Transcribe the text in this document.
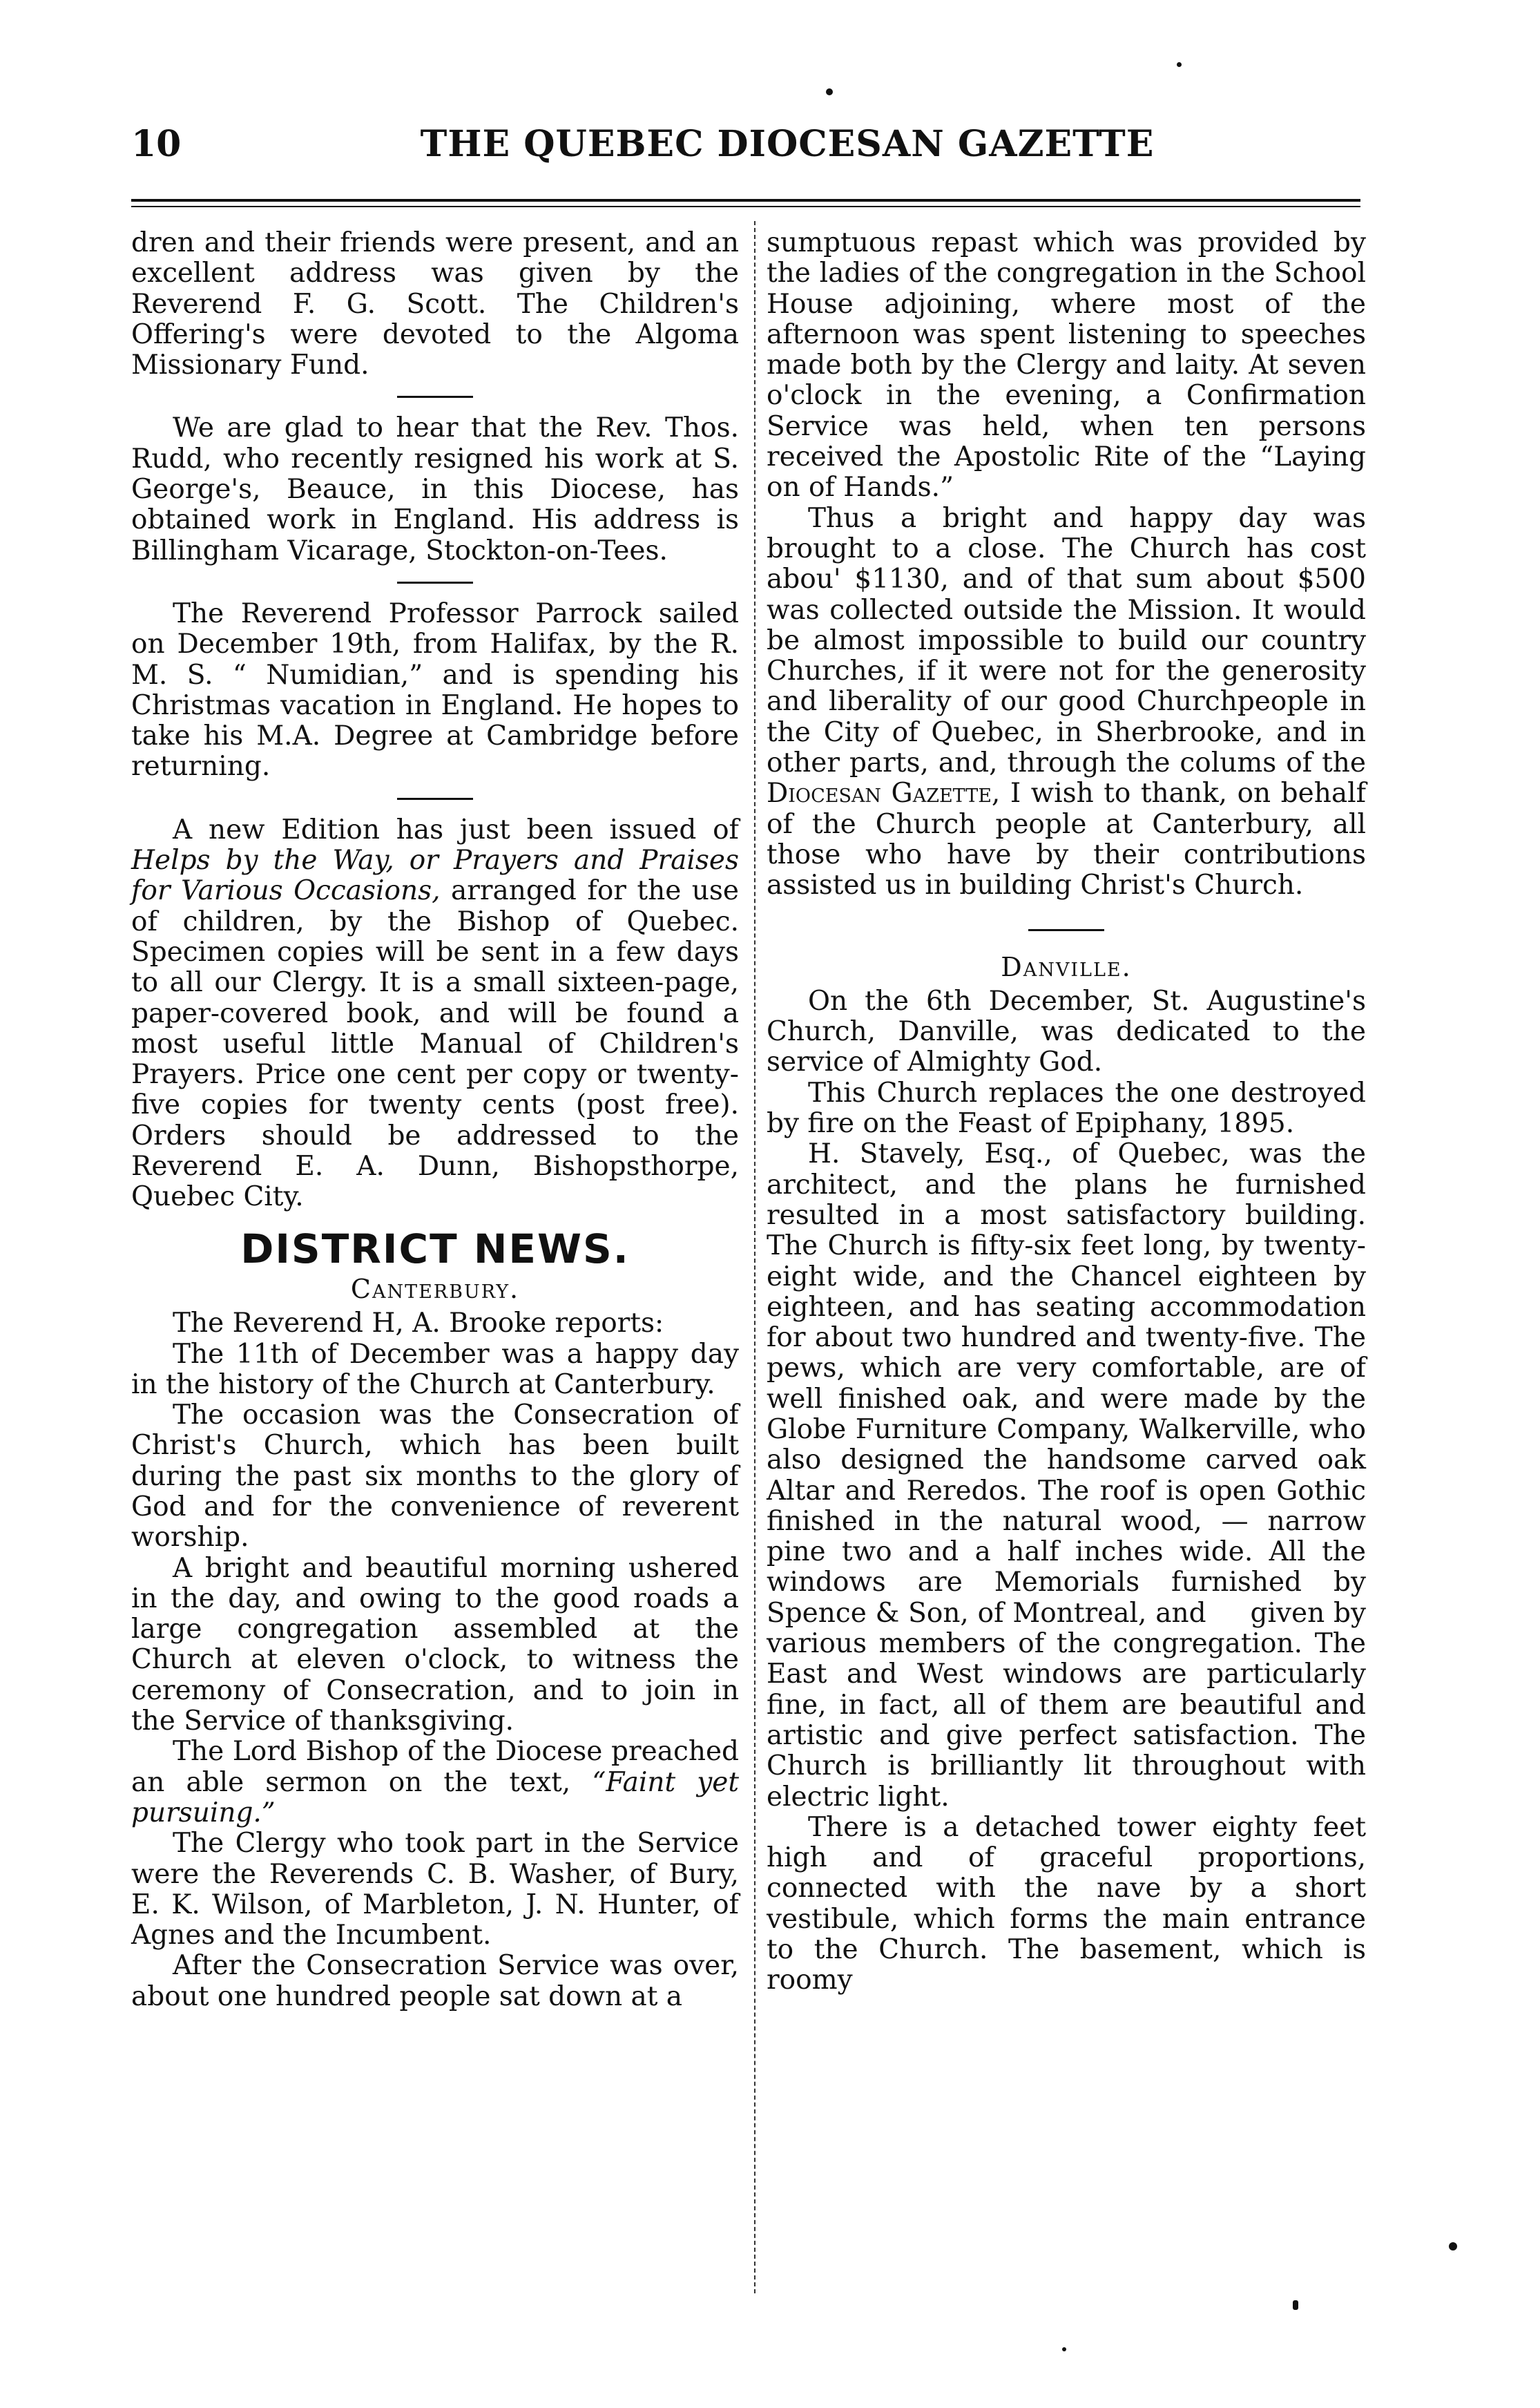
10	THE QUEBEC DIOCESAN GAZETTE

dren and their friends were present, and an excellent address was given by the Reverend F. G. Scott. The Children's Offering's were devoted to the Algoma Missionary Fund.

We are glad to hear that the Rev. Thos. Rudd, who recently resigned his work at S. George's, Beauce, in this Diocese, has obtained work in England. His address is Billingham Vicarage, Stockton-on-Tees.

The Reverend Professor Parrock sailed on December 19th, from Halifax, by the R. M. S. “ Numidian,” and is spending his Christmas vacation in England. He hopes to take his M.A. Degree at Cambridge before returning.

A new Edition has just been issued of Helps by the Way, or Prayers and Praises for Various Occasions, arranged for the use of children, by the Bishop of Quebec. Specimen copies will be sent in a few days to all our Clergy. It is a small sixteen-page, paper-covered book, and will be found a most useful little Manual of Children's Prayers. Price one cent per copy or twenty-five copies for twenty cents (post free). Orders should be addressed to the Reverend E. A. Dunn, Bishopsthorpe, Quebec City.

DISTRICT NEWS.
Canterbury.

The Reverend H, A. Brooke reports:

The 11th of December was a happy day in the history of the Church at Canterbury.

The occasion was the Consecration of Christ's Church, which has been built during the past six months to the glory of God and for the convenience of reverent worship.

A bright and beautiful morning ushered in the day, and owing to the good roads a large congregation assembled at the Church at eleven o'clock, to witness the ceremony of Consecration, and to join in the Service of thanksgiving.

The Lord Bishop of the Diocese preached an able sermon on the text, “Faint yet pursuing.”

The Clergy who took part in the Service were the Reverends C. B. Washer, of Bury, E. K. Wilson, of Marbleton, J. N. Hunter, of Agnes and the Incumbent.

After the Consecration Service was over, about one hundred people sat down at a

sumptuous repast which was provided by the ladies of the congregation in the School House adjoining, where most of the afternoon was spent listening to speeches made both by the Clergy and laity. At seven o'clock in the evening, a Confirmation Service was held, when ten persons received the Apostolic Rite of the “Laying on of Hands.”

Thus a bright and happy day was brought to a close. The Church has cost abou' $1130, and of that sum about $500 was collected outside the Mission. It would be almost impossible to build our country Churches, if it were not for the generosity and liberality of our good Churchpeople in the City of Quebec, in Sherbrooke, and in other parts, and, through the colums of the Diocesan Gazette, I wish to thank, on behalf of the Church people at Canterbury, all those who have by their contributions assisted us in building Christ's Church.

Danville.

On the 6th December, St. Augustine's Church, Danville, was dedicated to the service of Almighty God.

This Church replaces the one destroyed by fire on the Feast of Epiphany, 1895.

H. Stavely, Esq., of Quebec, was the architect, and the plans he furnished resulted in a most satisfactory building. The Church is fifty-six feet long, by twenty-eight wide, and the Chancel eighteen by eighteen, and has seating accommodation for about two hundred and twenty-five. The pews, which are very comfortable, are of well finished oak, and were made by the Globe Furniture Company, Walkerville, who also designed the handsome carved oak Altar and Reredos. The roof is open Gothic finished in the natural wood, — narrow pine two and a half inches wide. All the windows are Memorials furnished by Spence & Son, of Montreal, and     given by various members of the congregation. The East and West windows are particularly fine, in fact, all of them are beautiful and artistic and give perfect satisfaction. The Church is brilliantly lit throughout with electric light.

There is a detached tower eighty feet high and of graceful proportions, connected with the nave by a short vestibule, which forms the main entrance to the Church. The basement, which is roomy
